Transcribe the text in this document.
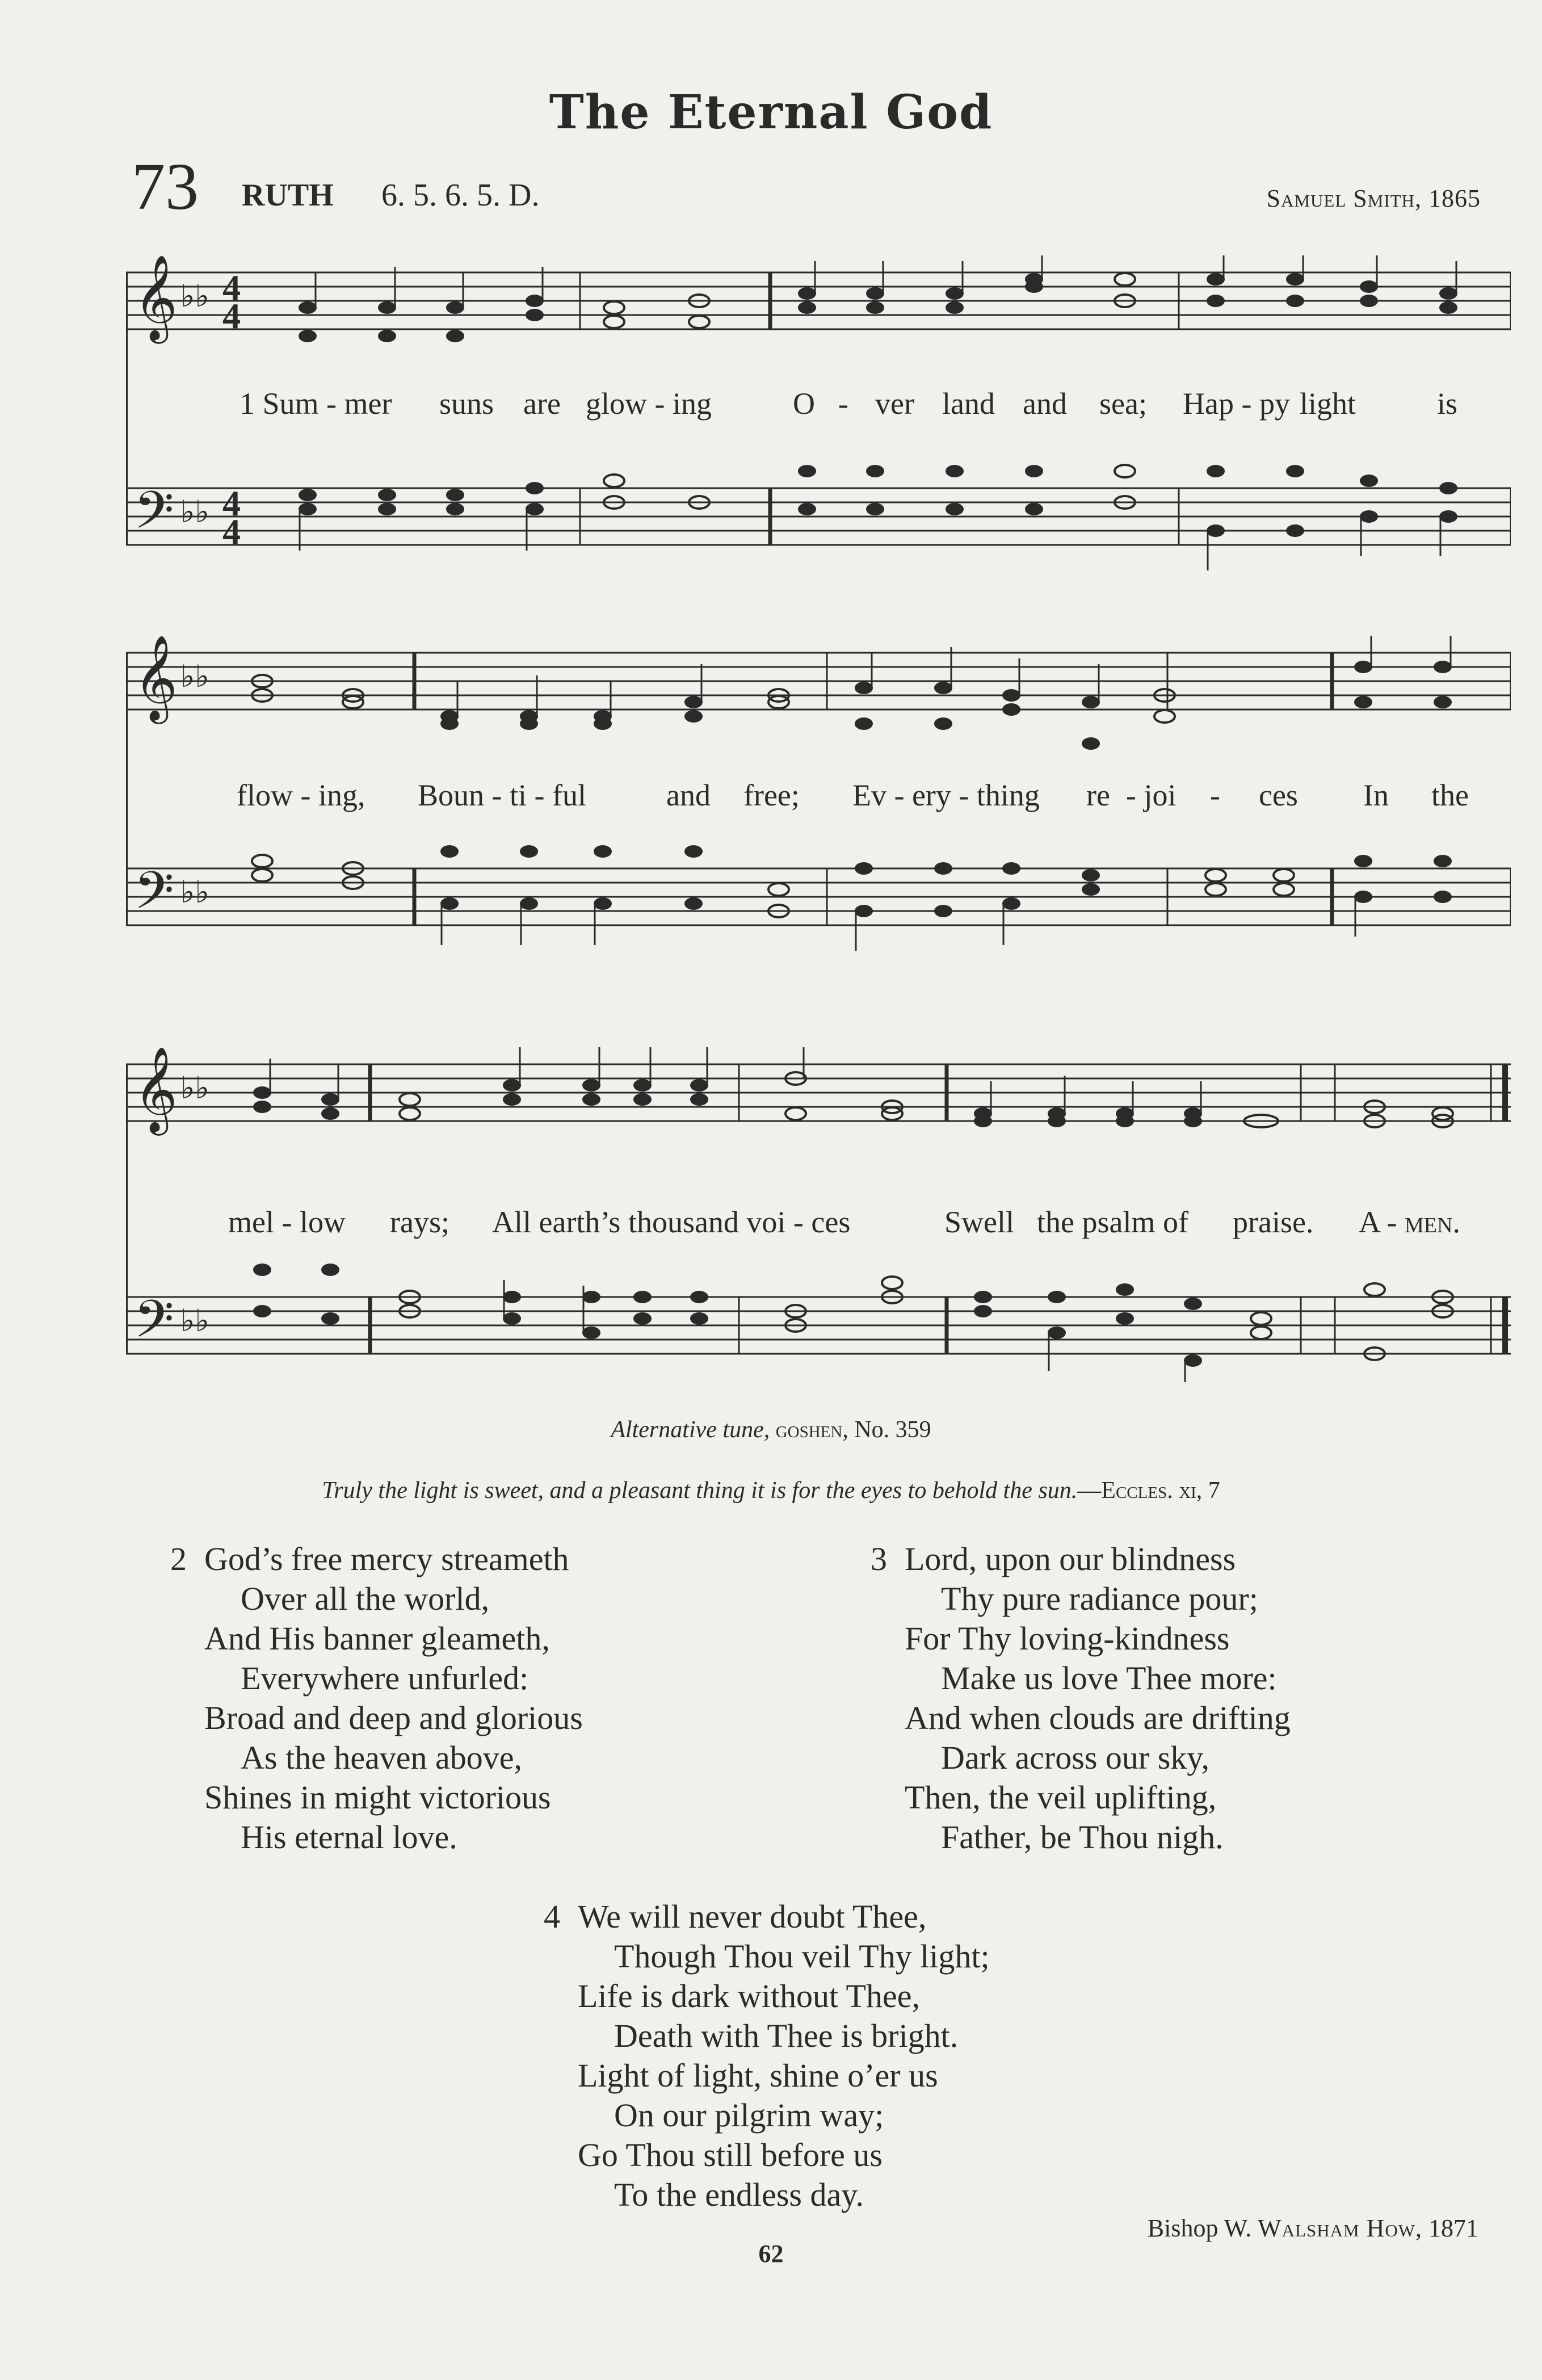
The Eternal God
73 RUTH 6. 5. 6. 5. D.	Samuel Smith, 1865
𝄞
𝄢
♭♭
♭♭
4
4
4
4
1 Sum - mer suns are glow - ing	O - ver land and sea; Hap - py light	is
𝄞
𝄢
♭♭
♭♭
flow - ing, Boun - ti - ful	and free; Ev - ery - thing re - joi - ces In the
𝄞
𝄢
♭♭
♭♭
mel - low rays; All earth’s thousand voi - ces	Swell the psalm of praise. A - men.
Alternative tune, goshen, No. 359
Truly the light is sweet, and a pleasant thing it is for the eyes to behold the sun.—Eccles. xi, 7
2 God’s free mercy streameth
Over all the world,
And His banner gleameth,
Everywhere unfurled:
Broad and deep and glorious
As the heaven above,
Shines in might victorious
His eternal love.
3 Lord, upon our blindness
Thy pure radiance pour;
For Thy loving-kindness
Make us love Thee more:
And when clouds are drifting
Dark across our sky,
Then, the veil uplifting,
Father, be Thou nigh.
4 We will never doubt Thee,
Though Thou veil Thy light;
Life is dark without Thee,
Death with Thee is bright.
Light of light, shine o’er us
On our pilgrim way;
Go Thou still before us
To the endless day.
Bishop W. Walsham How, 1871
62
